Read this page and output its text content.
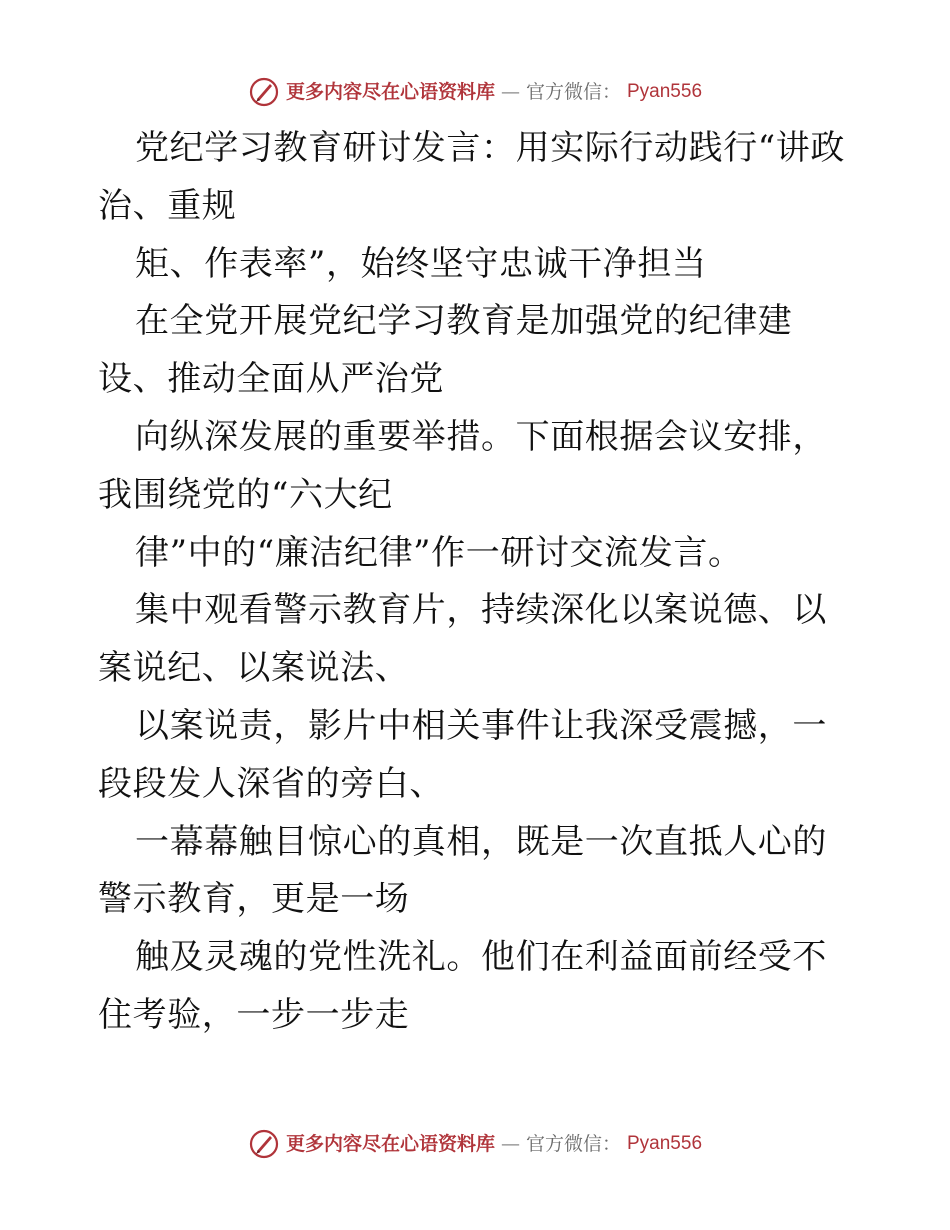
更多内容尽在心语资料库 — 官方微信： Pyan556

党纪学习教育研讨发言：用实际行动践行“讲政治、重规

矩、作表率”，始终坚守忠诚干净担当

在全党开展党纪学习教育是加强党的纪律建设、推动全面从严治党

向纵深发展的重要举措。下面根据会议安排，我围绕党的“六大纪

律”中的“廉洁纪律”作一研讨交流发言。

集中观看警示教育片，持续深化以案说德、以案说纪、以案说法、

以案说责，影片中相关事件让我深受震撼，一段段发人深省的旁白、

一幕幕触目惊心的真相，既是一次直抵人心的警示教育，更是一场

触及灵魂的党性洗礼。他们在利益面前经受不住考验，一步一步走

更多内容尽在心语资料库 — 官方微信： Pyan556
